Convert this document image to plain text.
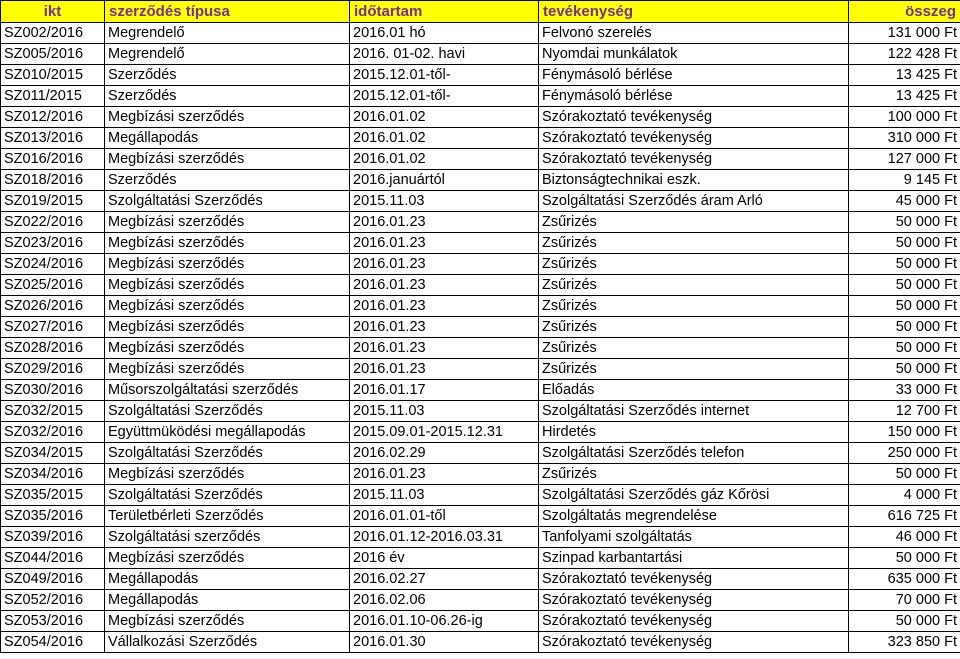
ikt	szerződés típusa	időtartam	tevékenység	összeg
SZ002/2016	Megrendelő	2016.01 hó	Felvonó szerelés	131 000 Ft
SZ005/2016	Megrendelő	2016. 01-02. havi	Nyomdai munkálatok	122 428 Ft
SZ010/2015	Szerződés	2015.12.01-től-	Fénymásoló bérlése	13 425 Ft
SZ011/2015	Szerződés	2015.12.01-től-	Fénymásoló bérlése	13 425 Ft
SZ012/2016	Megbízási szerződés	2016.01.02	Szórakoztató tevékenység	100 000 Ft
SZ013/2016	Megállapodás	2016.01.02	Szórakoztató tevékenység	310 000 Ft
SZ016/2016	Megbízási szerződés	2016.01.02	Szórakoztató tevékenység	127 000 Ft
SZ018/2016	Szerződés	2016.januártól	Biztonságtechnikai eszk.	9 145 Ft
SZ019/2015	Szolgáltatási Szerződés	2015.11.03	Szolgáltatási Szerződés áram Arló	45 000 Ft
SZ022/2016	Megbízási szerződés	2016.01.23	Zsűrizés	50 000 Ft
SZ023/2016	Megbízási szerződés	2016.01.23	Zsűrizés	50 000 Ft
SZ024/2016	Megbízási szerződés	2016.01.23	Zsűrizés	50 000 Ft
SZ025/2016	Megbízási szerződés	2016.01.23	Zsűrizés	50 000 Ft
SZ026/2016	Megbízási szerződés	2016.01.23	Zsűrizés	50 000 Ft
SZ027/2016	Megbízási szerződés	2016.01.23	Zsűrizés	50 000 Ft
SZ028/2016	Megbízási szerződés	2016.01.23	Zsűrizés	50 000 Ft
SZ029/2016	Megbízási szerződés	2016.01.23	Zsűrizés	50 000 Ft
SZ030/2016	Műsorszolgáltatási szerződés	2016.01.17	Előadás	33 000 Ft
SZ032/2015	Szolgáltatási Szerződés	2015.11.03	Szolgáltatási Szerződés internet	12 700 Ft
SZ032/2016	Együttmüködési megállapodás	2015.09.01-2015.12.31	Hirdetés	150 000 Ft
SZ034/2015	Szolgáltatási Szerződés	2016.02.29	Szolgáltatási Szerződés telefon	250 000 Ft
SZ034/2016	Megbízási szerződés	2016.01.23	Zsűrizés	50 000 Ft
SZ035/2015	Szolgáltatási Szerződés	2015.11.03	Szolgáltatási Szerződés gáz Kőrösi	4 000 Ft
SZ035/2016	Területbérleti Szerződés	2016.01.01-től	Szolgáltatás megrendelése	616 725 Ft
SZ039/2016	Szolgáltatási szerződés	2016.01.12-2016.03.31	Tanfolyami szolgáltatás	46 000 Ft
SZ044/2016	Megbízási szerződés	2016 év	Szinpad karbantartási	50 000 Ft
SZ049/2016	Megállapodás	2016.02.27	Szórakoztató tevékenység	635 000 Ft
SZ052/2016	Megállapodás	2016.02.06	Szórakoztató tevékenység	70 000 Ft
SZ053/2016	Megbízási szerződés	2016.01.10-06.26-ig	Szórakoztató tevékenység	50 000 Ft
SZ054/2016	Vállalkozási Szerződés	2016.01.30	Szórakoztató tevékenység	323 850 Ft
